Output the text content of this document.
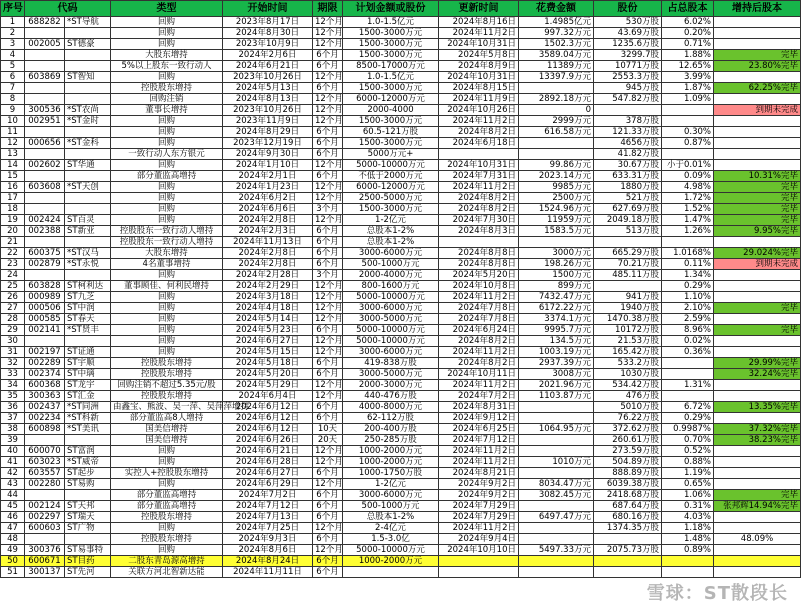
序号	代码		类型	开始时间	期限	计划金额或股份	更新时间	花费金额	股份	占总股本	增持后股本
1	688282	*ST导航	回购	2023年8月17日	12个月	1.0-1.5亿元	2024年8月16日	1.4985亿元	530万股	6.02%	
2			回购	2024年8月30日	12个月	1500-3000万元	2024年11月2日	997.32万元	43.69万股	0.20%	
3	002005	ST德豪	回购	2023年10月9日	12个月	1500-3000万元	2024年10月31日	1502.3万元	1235.6万股	0.71%	
4			大股东增持	2024年2月6日	6个月	1500-3000万元	2024年5月8日	3589.04万元	3299.7股	1.88%	完毕
5			5%以上股东一致行动人	2024年6月21日	6个月	8500-17000万元	2024年8月9日	11389万元	10771万股	12.65%	23.80%完毕
6	603869	ST智知	回购	2023年10月26日	12个月	1.0-1.5亿元	2024年10月31日	13397.9万元	2553.3万股	3.99%	
7			控股股东增持	2024年5月13日	6个月	1500-3000万元	2024年8月15日		945万股	1.87%	62.25%完毕
8			回购注销	2024年8月13日	12个月	6000-12000万元	2024年11月9日	2892.18万元	547.82万股	1.09%	
9	300536	*ST农尚	董事长增持	2023年10月26日	12个月	2000-4000	2024年10月26日	0			到期未完成
10	002951	*ST金时	回购	2023年11月9日	12个月	1500-3000万元	2024年11月2日	2999万元	378万股		
11			回购	2024年8月29日	6个月	60.5-121万股	2024年8月2日	616.58万元	121.33万股	0.30%	
12	000656	*ST金科	回购	2023年12月19日	6个月	1500-3000万元	2024年6月18日		4656万股	0.87%	
13			一致行动人东方银元	2024年9月30日	6个月	5000万元+			41.82万股		
14	002602	ST华通	回购	2024年1月10日	12个月	5000-10000万元	2024年10月31日	99.86万元	30.67万股	小于0.01%	
15			部分董监高增持	2024年2月1日	6个月	不低于2000万元	2024年7月31日	2023.14万元	633.31万股	0.09%	10.31%完毕
16	603608	*ST天创	回购	2024年1月23日	12个月	6000-12000万元	2024年11月2日	9985万元	1880万股	4.98%	完毕
17			回购	2024年6月2日	12个月	2500-5000万元	2024年8月2日	2500万元	521万股	1.72%	完毕
18			回购	2024年6月6日	3个月	1500-3000万元	2024年8月2日	1524.96万元	627.69万股	1.52%	完毕
19	002424	ST百灵	回购	2024年2月8日	12个月	1-2亿元	2024年7月30日	11959万元	2049.18万股	1.47%	完毕
20	002388	ST新亚	控股股东一致行动人增持	2024年2月3日	6个月	总股本1-2%	2024年8月3日	1583.5万元	513万股	1.26%	9.95%完毕
21			控股股东一致行动人增持	2024年11月13日	6个月	总股本1-2%					
22	600375	*ST汉马	大股东增持	2024年2月8日	6个月	3000-6000万元	2024年8月8日	3000万元	665.29万股	1.0168%	29.024%完毕
23	002879	*ST永悦	4名董事增持	2024年2月8日	6个月	500-1000万元	2024年8月8日	198.26万元	70.21万股	0.11%	到期未完成
24			回购	2024年2月28日	3个月	2000-4000万元	2024年5月20日	1500万元	485.11万股	1.34%	
25	603828	ST柯利达	董事顾佳、何利民增持	2024年2月29日	12个月	800-1600万元	2024年10月8日	899万元		0.29%	
26	000989	ST九芝	回购	2024年3月18日	12个月	5000-10000万元	2024年11月2日	7432.47万元	941万股	1.10%	
27	000506	ST中润	回购	2024年4月18日	12个月	3000-6000万元	2024年7月8日	6172.22万元	1940万股	2.10%	完毕
28	000585	ST春天	回购	2024年5月14日	12个月	3000-5000万元	2024年7月8日	3374.1万元	1470.38万股	2.59%	
29	002141	*ST贤丰	回购	2024年5月23日	6个月	5000-10000万元	2024年6月24日	9995.7万元	10172万股	8.96%	完毕
30			回购	2024年6月27日	12个月	5000-10000万元	2024年8月2日	134.5万元	21.53万股	0.02%	
31	002197	ST证通	回购	2024年5月15日	12个月	3000-6000万元	2024年11月2日	1003.19万元	165.42万股	0.36%	
32	002289	ST宇顺	控股股东增持	2024年5月18日	6个月	419-838万股	2024年8月2日	2937.39万元	533.2万股		29.99%完毕
33	002374	ST中璃	控股股东增持	2024年5月20日	6个月	3000-5000万元	2024年10月11日	3008万元	1030万股		32.24%完毕
34	600368	ST龙宇	回购注销不超过5.35元/股	2024年5月29日	12个月	2000-3000万元	2024年11月2日	2021.96万元	534.42万股	1.31%	
35	300363	ST汇金	控股股东增持	2024年6月4日	12个月	440-476万股	2024年7月2日	1103.87万元	476万股		
36	002437	*ST同洲	由鑫宝、熊波、吴一萍、吴萍萍增持	2024年6月12日	6个月	4000-8000万元	2024年8月31日		5010万股	6.72%	13.35%完毕
37	002234	*ST科新	部分董监高8人增持	2024年6月12日	6个月	62-112万股	2024年9月12日		76.22万股	0.29%	
38	600898	*ST美讯	国美信增持	2024年6月12日	10天	200-400万股	2024年6月25日	1064.95万元	372.62万股	0.9987%	37.32%完毕
39			国美信增持	2024年6月26日	20天	250-285万股	2024年7月12日		260.61万股	0.70%	38.23%完毕
40	600070	ST富润	回购	2024年6月21日	12个月	1000-2000万元	2024年11月2日		273.59万股	0.52%	
41	603023	*ST威帝	回购	2024年6月28日	12个月	1000-2000万元	2024年11月2日	1010万元	504.89万股	0.88%	
42	603557	ST起步	实控人+控股股东增持	2024年6月27日	6个月	1000-1750万股	2024年8月21日		888.89万股	1.19%	
43	002280	ST易购	回购	2024年6月29日	12个月	1-2亿元	2024年9月2日	8034.47万元	6039.38万股	0.65%	
44			部分董监高增持	2024年7月2日	6个月	3000-6000万元	2024年9月2日	3082.45万元	2418.68万股	1.06%	完毕
45	002124	ST天邦	部分董监高增持	2024年7月12日	6个月	500-1000万元	2024年7月29日		687.64万股	0.31%	张邦辉14.94%完毕
46	002297	ST瑞天	控股股东增持	2024年7月13日	6个月	总股本1-2%	2024年7月29日	6497.47万元	680.16万股	4.03%	
47	600603	ST广物	回购	2024年7月25日	12个月	2-4亿元	2024年11月2日		1374.35万股	1.18%	
48			控股股东增持	2024年9月3日	6个月	1.5-3.0亿	2024年9月4日			1.48%	48.09%
49	300376	ST易事特	回购	2024年8月6日	12个月	5000-10000万元	2024年10月10日	5497.33万元	2075.73万股	0.89%	
50	600671	ST目药	二股东青岛源高增持	2024年8月24日	6个月	1000-2000万元					
51	300137	ST先河	关联方河北智新达能	2024年11月11日	6个月						
雪球：ST散段长
